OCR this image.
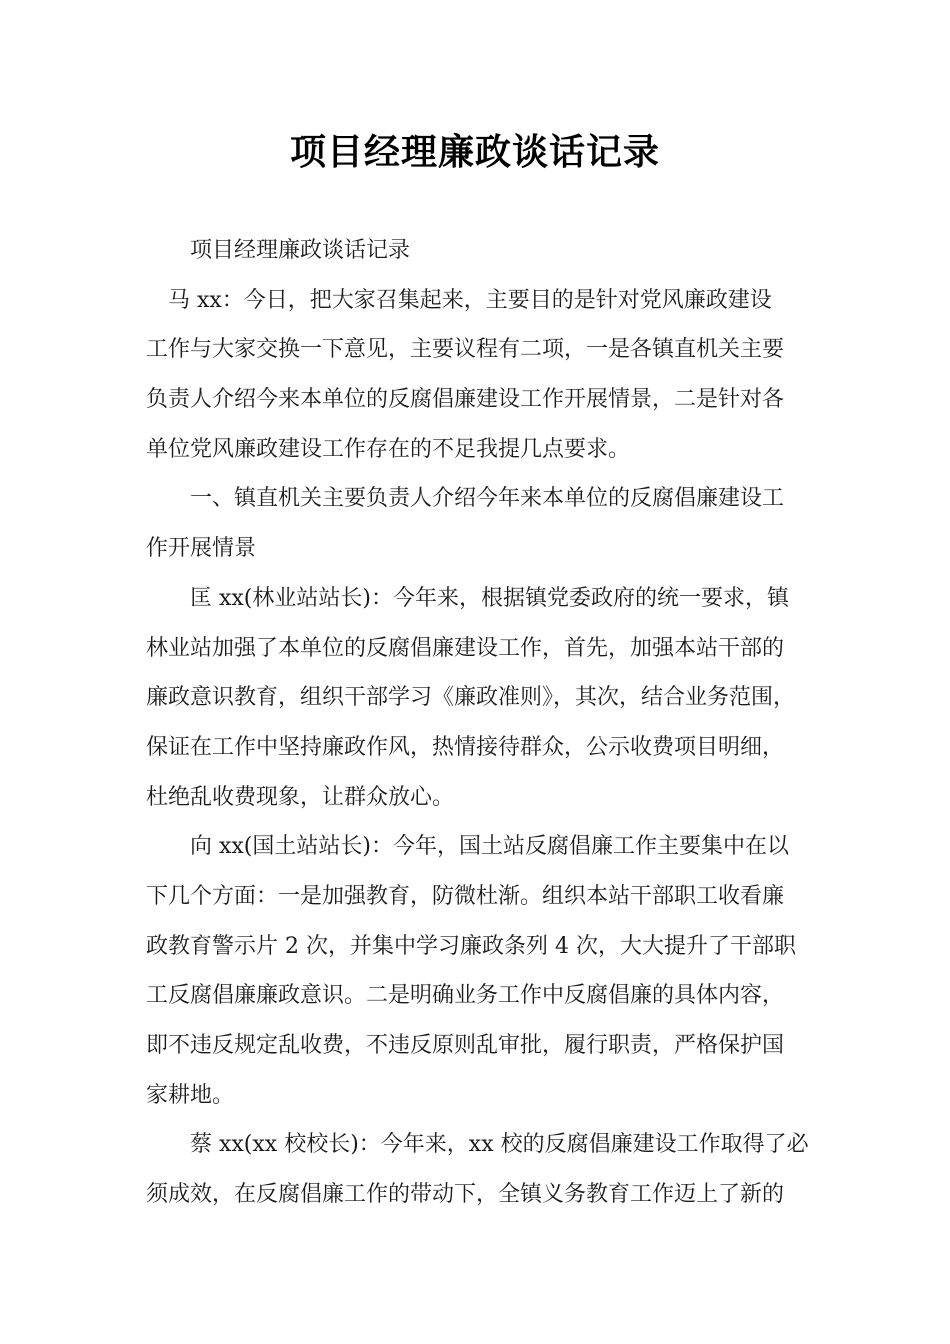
项目经理廉政谈话记录
　　项目经理廉政谈话记录
　马 xx：今日，把大家召集起来，主要目的是针对党风廉政建设
工作与大家交换一下意见，主要议程有二项，一是各镇直机关主要
负责人介绍今来本单位的反腐倡廉建设工作开展情景，二是针对各
单位党风廉政建设工作存在的不足我提几点要求。
　　一、镇直机关主要负责人介绍今年来本单位的反腐倡廉建设工
作开展情景
　　匡 xx(林业站站长)：今年来，根据镇党委政府的统一要求，镇
林业站加强了本单位的反腐倡廉建设工作，首先，加强本站干部的
廉政意识教育，组织干部学习《廉政准则》，其次，结合业务范围，
保证在工作中坚持廉政作风，热情接待群众，公示收费项目明细，
杜绝乱收费现象，让群众放心。
　　向 xx(国土站站长)：今年，国土站反腐倡廉工作主要集中在以
下几个方面：一是加强教育，防微杜渐。组织本站干部职工收看廉
政教育警示片 2 次，并集中学习廉政条列 4 次，大大提升了干部职
工反腐倡廉廉政意识。二是明确业务工作中反腐倡廉的具体内容，
即不违反规定乱收费，不违反原则乱审批，履行职责，严格保护国
家耕地。
　　蔡 xx(xx 校校长)：今年来，xx 校的反腐倡廉建设工作取得了必
须成效，在反腐倡廉工作的带动下，全镇义务教育工作迈上了新的
